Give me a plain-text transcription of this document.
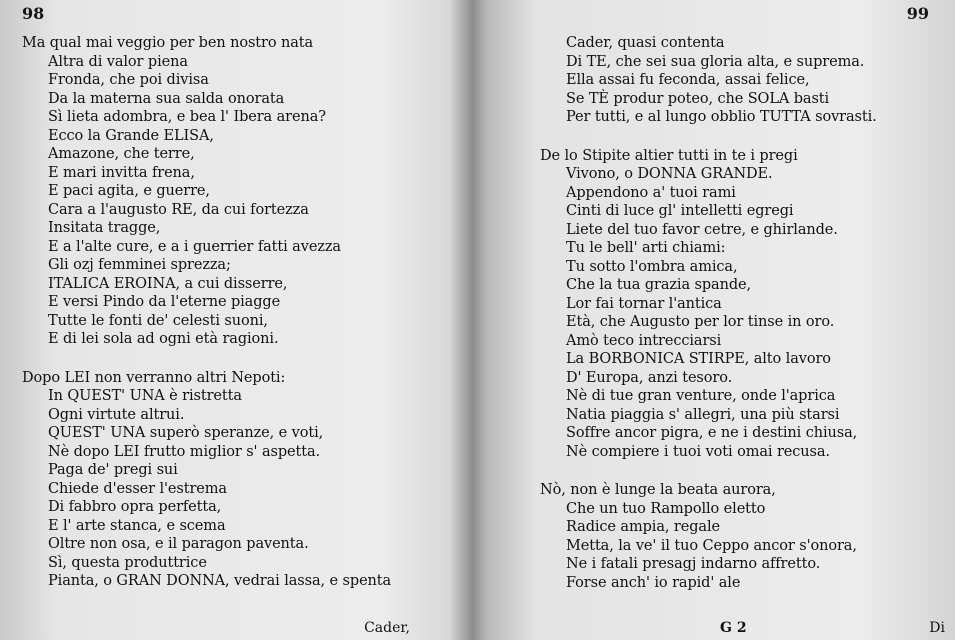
98
Ma qual mai veggio per ben nostro nata
Altra di valor piena
Fronda, che poi divisa
Da la materna sua salda onorata
Sì lieta adombra, e bea l' Ibera arena?
Ecco la Grande ELISA,
Amazone, che terre,
E mari invitta frena,
E paci agita, e guerre,
Cara a l'augusto RE, da cui fortezza
Insitata tragge,
E a l'alte cure, e a i guerrier fatti avezza
Gli ozj femminei sprezza;
ITALICA EROINA, a cui disserre,
E versi Pindo da l'eterne piagge
Tutte le fonti de' celesti suoni,
E di lei sola ad ogni età ragioni.
Dopo LEI non verranno altri Nepoti:
In QUEST' UNA è ristretta
Ogni virtute altrui.
QUEST' UNA superò speranze, e voti,
Nè dopo LEI frutto miglior s' aspetta.
Paga de' pregi sui
Chiede d'esser l'estrema
Di fabbro opra perfetta,
E l' arte stanca, e scema
Oltre non osa, e il paragon paventa.
Sì, questa produttrice
Pianta, o GRAN DONNA, vedrai lassa, e spenta
Cader,
99
Cader, quasi contenta
Di TE, che sei sua gloria alta, e suprema.
Ella assai fu feconda, assai felice,
Se TÈ produr poteo, che SOLA basti
Per tutti, e al lungo obblio TUTTA sovrasti.
De lo Stipite altier tutti in te i pregi
Vivono, o DONNA GRANDE.
Appendono a' tuoi rami
Cinti di luce gl' intelletti egregi
Liete del tuo favor cetre, e ghirlande.
Tu le bell' arti chiami:
Tu sotto l'ombra amica,
Che la tua grazia spande,
Lor fai tornar l'antica
Età, che Augusto per lor tinse in oro.
Amò teco intrecciarsi
La BORBONICA STIRPE, alto lavoro
D' Europa, anzi tesoro.
Nè di tue gran venture, onde l'aprica
Natia piaggia s' allegri, una più starsi
Soffre ancor pigra, e ne i destini chiusa,
Nè compiere i tuoi voti omai recusa.
Nò, non è lunge la beata aurora,
Che un tuo Rampollo eletto
Radice ampia, regale
Metta, la ve' il tuo Ceppo ancor s'onora,
Ne i fatali presagj indarno affretto.
Forse anch' io rapid' ale
G 2	Di
